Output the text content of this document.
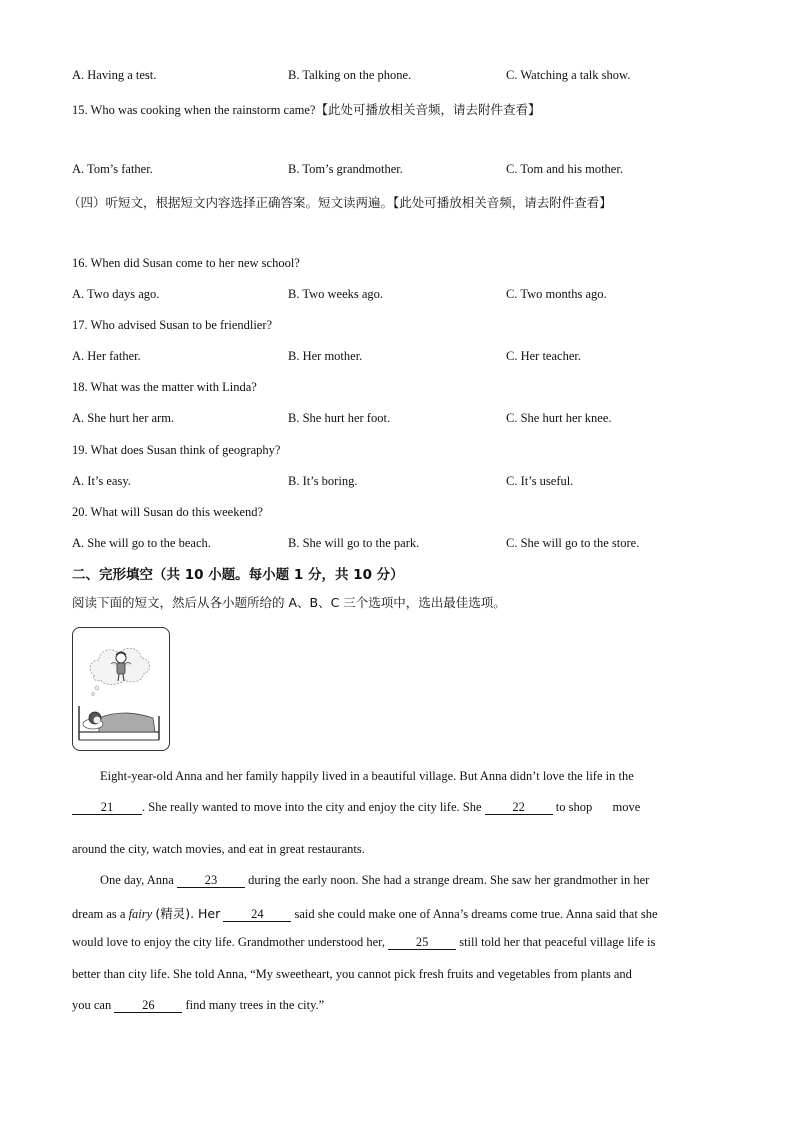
A. Having a test.	B. Talking on the phone.	C. Watching a talk show.
15. Who was cooking when the rainstorm came?【此处可播放相关音频，请去附件查看】
A. Tom’s father.	B. Tom’s grandmother.	C. Tom and his mother.
（四）听短文，根据短文内容选择正确答案。短文读两遍。【此处可播放相关音频，请去附件查看】
16. When did Susan come to her new school?
A. Two days ago.	B. Two weeks ago.	C. Two months ago.
17. Who advised Susan to be friendlier?
A. Her father.	B. Her mother.	C. Her teacher.
18. What was the matter with Linda?
A. She hurt her arm.	B. She hurt her foot.	C. She hurt her knee.
19. What does Susan think of geography?
A. It’s easy.	B. It’s boring.	C. It’s useful.
20. What will Susan do this weekend?
A. She will go to the beach.	B. She will go to the park.	C. She will go to the store.
二、完形填空（共 10 小题。每小题 1 分，共 10 分）
阅读下面的短文，然后从各小题所给的 A、B、C 三个选项中，选出最佳选项。
Eight-year-old Anna and her family happily lived in a beautiful village. But Anna didn’t love the life in the
21 . She really wanted to move into the city and enjoy the city life. She 22 to shop move
around the city, watch movies, and eat in great restaurants.
One day, Anna 23 during the early noon. She had a strange dream. She saw her grandmother in her
dream as a fairy (精灵). Her 24 said she could make one of Anna’s dreams come true. Anna said that she
would love to enjoy the city life. Grandmother understood her, 25 still told her that peaceful village life is
better than city life. She told Anna, “My sweetheart, you cannot pick fresh fruits and vegetables from plants and
you can 26 find many trees in the city.”
